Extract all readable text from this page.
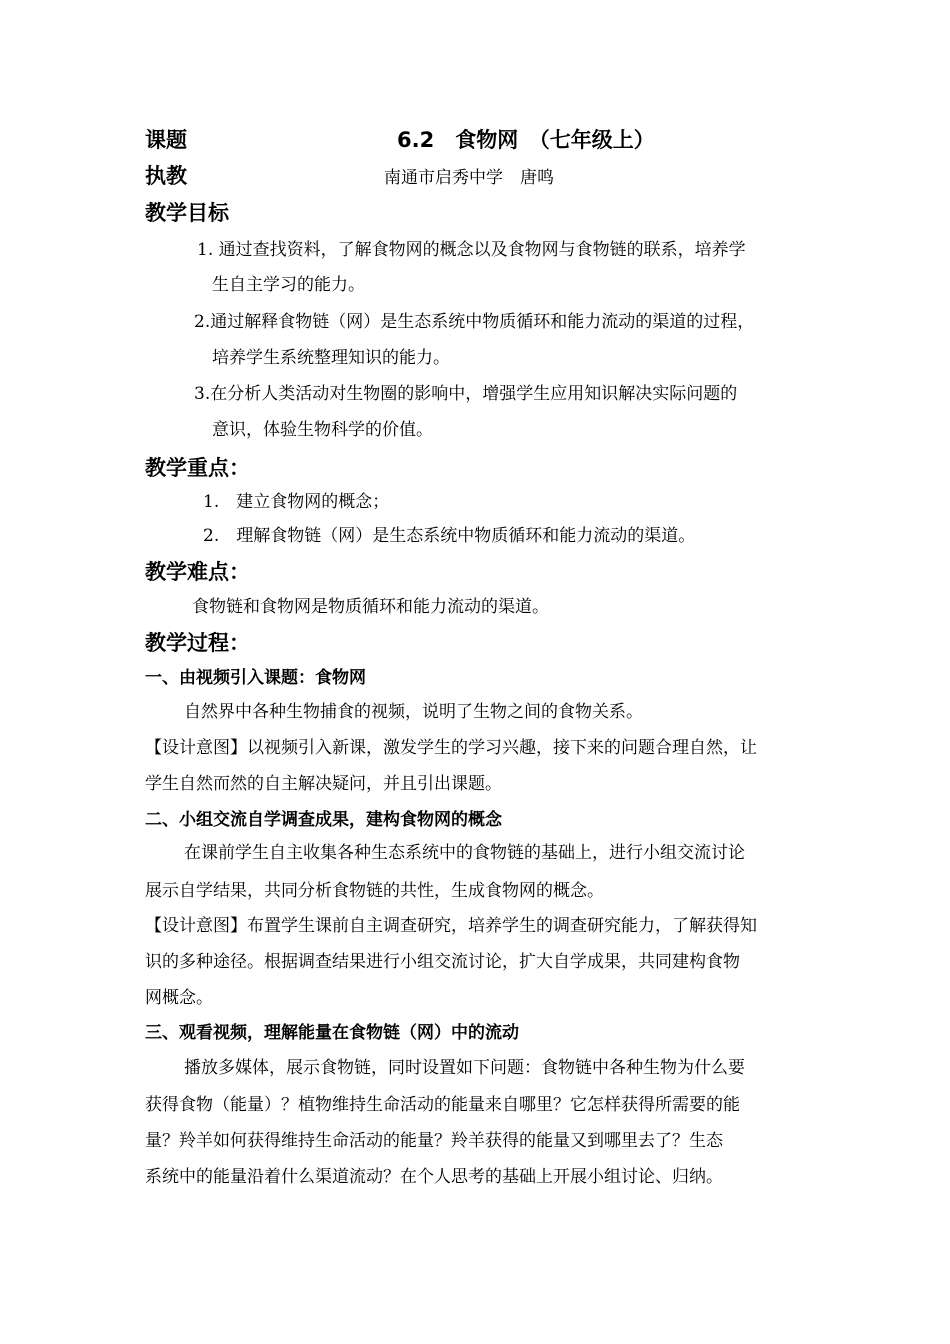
课题	6.2　食物网　（七年级上）
执教	南通市启秀中学　唐鸣
教学目标
1. 通过查找资料，了解食物网的概念以及食物网与食物链的联系，培养学
生自主学习的能力。
2.通过解释食物链（网）是生态系统中物质循环和能力流动的渠道的过程，
培养学生系统整理知识的能力。
3.在分析人类活动对生物圈的影响中，增强学生应用知识解决实际问题的
意识，体验生物科学的价值。
教学重点：
1.　建立食物网的概念；
2.　理解食物链（网）是生态系统中物质循环和能力流动的渠道。
教学难点：
食物链和食物网是物质循环和能力流动的渠道。
教学过程：
一、由视频引入课题：食物网
自然界中各种生物捕食的视频，说明了生物之间的食物关系。
【设计意图】以视频引入新课，激发学生的学习兴趣，接下来的问题合理自然，让
学生自然而然的自主解决疑问，并且引出课题。
二、小组交流自学调查成果，建构食物网的概念
在课前学生自主收集各种生态系统中的食物链的基础上，进行小组交流讨论
展示自学结果，共同分析食物链的共性，生成食物网的概念。
【设计意图】布置学生课前自主调查研究，培养学生的调查研究能力，了解获得知
识的多种途径。根据调查结果进行小组交流讨论，扩大自学成果，共同建构食物
网概念。
三、观看视频，理解能量在食物链（网）中的流动
播放多媒体，展示食物链，同时设置如下问题：食物链中各种生物为什么要
获得食物（能量）？植物维持生命活动的能量来自哪里？它怎样获得所需要的能
量？羚羊如何获得维持生命活动的能量？羚羊获得的能量又到哪里去了？生态
系统中的能量沿着什么渠道流动？在个人思考的基础上开展小组讨论、归纳。
